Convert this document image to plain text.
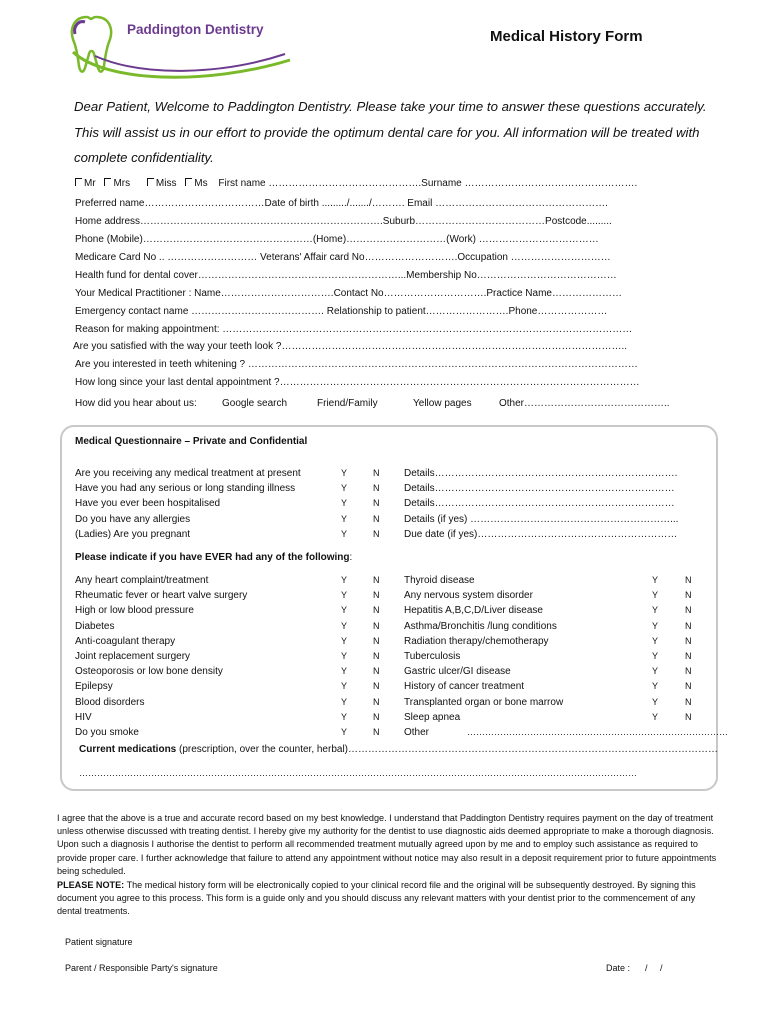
Paddington Dentistry	Medical History Form
Dear Patient, Welcome to Paddington Dentistry. Please take your time to answer these questions accurately. This will assist us in our effort to provide the optimum dental care for you. All information will be treated with complete confidentiality.
Mr Mrs	Miss Ms First name ……………………………………….Surname …………………………………………….
Preferred name………………………………Date of birth ........./......./………. Email …………………………………………….
Home address……………………………………………………………….Suburb…………………………………Postcode.........
Phone (Mobile)……………………………………………(Home)…………………………(Work) ………………………………
Medicare Card No .. ……………………… Veterans' Affair card No……………………….Occupation …………………………
Health fund for dental cover……………………………………………………...Membership No……………………………………
Your Medical Practitioner : Name…………………………….Contact No………………………….Practice Name…………………
Emergency contact name …………………………………. Relationship to patient…………………….Phone…………………
Reason for making appointment: ……………………………………………………………………………………………………………
Are you satisfied with the way your teeth look ?…………………………………………………………………………………………..
Are you interested in teeth whitening ? ………………………………………………………………………………………………………
How long since your last dental appointment ?………………………………………………………………………………………………
How did you hear about us:	Google search	Friend/Family	Yellow pages	Other……………………………………..
Medical Questionnaire – Private and Confidential
Are you receiving any medical treatment at present	Y	N Details……………………………………………………………….
Have you had any serious or long standing illness	Y	N Details………………………………………………………………
Have you ever been hospitalised	Y	N Details………………………………………………………………
Do you have any allergies	Y	N Details (if yes) ……………………………………………………...
(Ladies) Are you pregnant	Y	N Due date (if yes)……………………………………………………
Please indicate if you have EVER had any of the following:
Any heart complaint/treatment	Y	N Thyroid disease	Y	N
Rheumatic fever or heart valve surgery	Y	N Any nervous system disorder	Y	N
High or low blood pressure	Y	N Hepatitis A,B,C,D/Liver disease	Y	N
Diabetes	Y	N Asthma/Bronchitis /lung conditions	Y	N
Anti-coagulant therapy	Y	N Radiation therapy/chemotherapy	Y	N
Joint replacement surgery	Y	N Tuberculosis	Y	N
Osteoporosis or low bone density	Y	N Gastric ulcer/GI disease	Y	N
Epilepsy	Y	N History of cancer treatment	Y	N
Blood disorders	Y	N Transplanted organ or bone marrow	Y	N
HIV	Y	N Sleep apnea	Y	N
Do you smoke	Y	N Other	……………………………………………………………………………
Current medications (prescription, over the counter, herbal)…………………………………………………………………………………………………
……………………………………………………………………………………………………………………………………………………………………
I agree that the above is a true and accurate record based on my best knowledge. I understand that Paddington Dentistry requires payment on the day of treatment unless otherwise discussed with treating dentist. I hereby give my authority for the dentist to use diagnostic aids deemed appropriate to make a thorough diagnosis. Upon such a diagnosis I authorise the dentist to perform all recommended treatment mutually agreed upon by me and to employ such assistance as required to provide proper care. I further acknowledge that failure to attend any appointment without notice may also result in a deposit requirement prior to future appointments being scheduled.
PLEASE NOTE: The medical history form will be electronically copied to your clinical record file and the original will be subsequently destroyed. By signing this document you agree to this process. This form is a guide only and you should discuss any relevant matters with your dentist prior to the commencement of any dental treatments.
Patient signature
Parent / Responsible Party's signature	Date :      /     /
